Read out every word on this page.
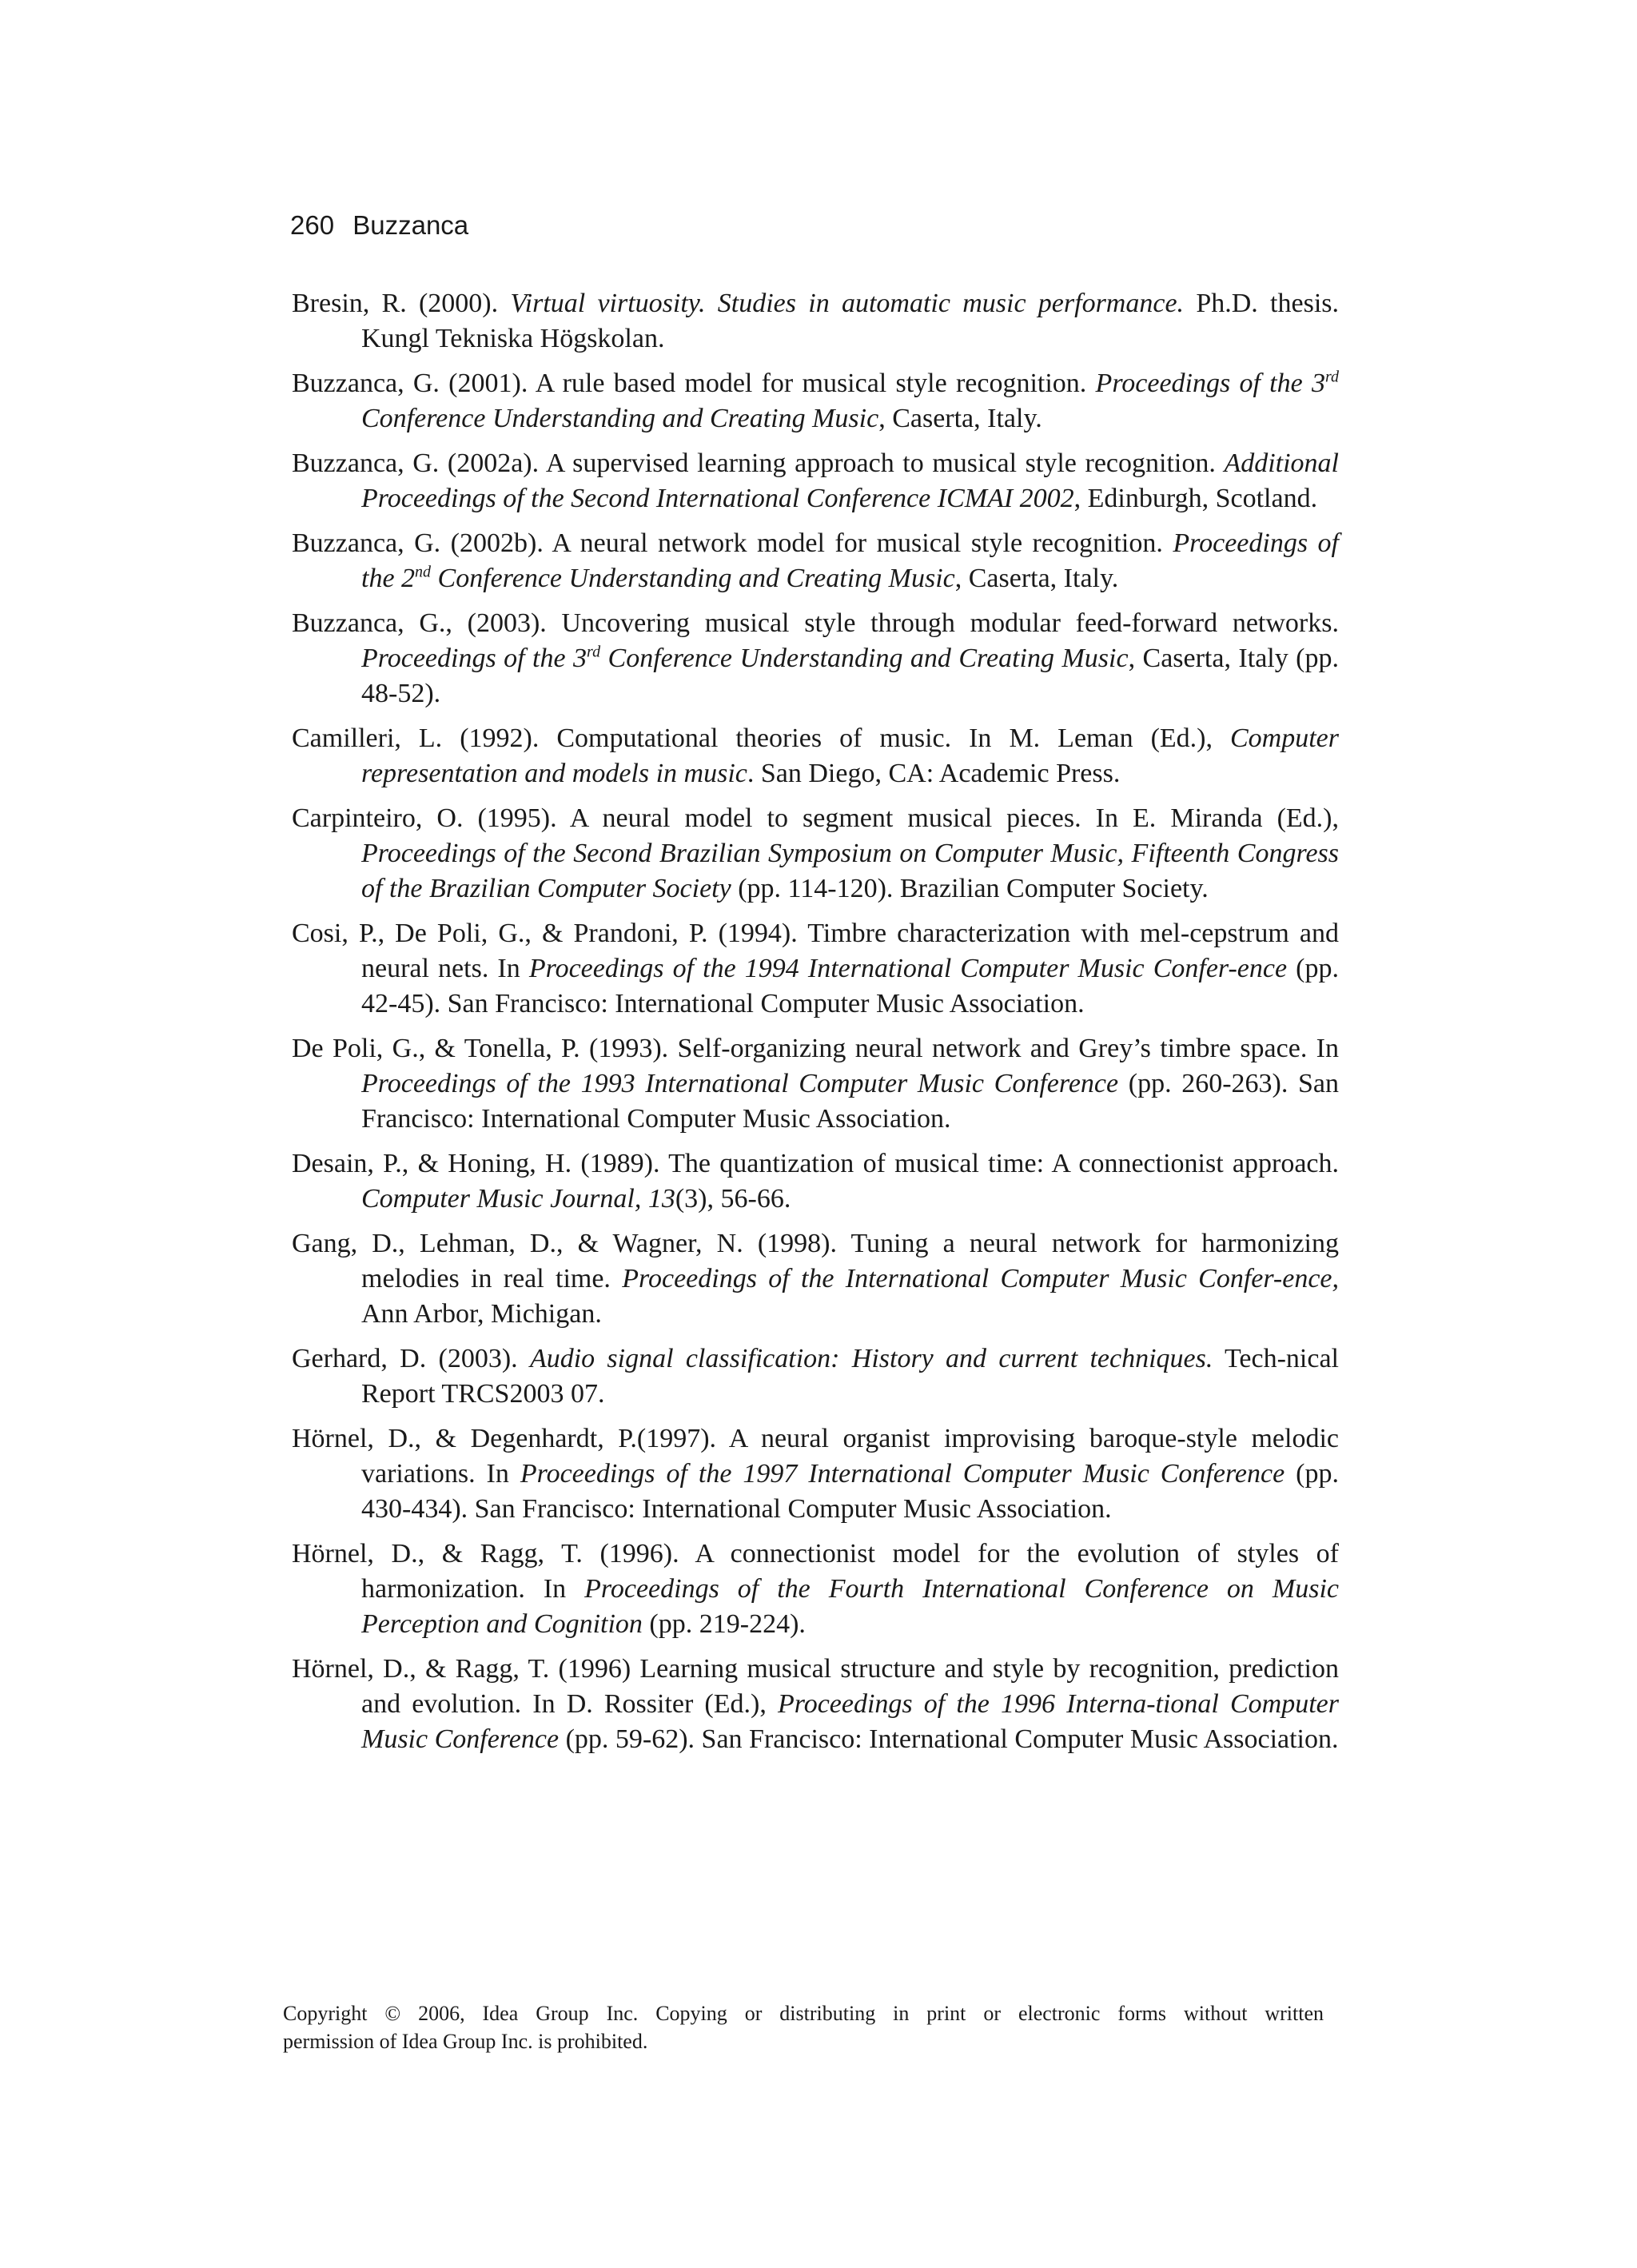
260 Buzzanca
Bresin, R. (2000). Virtual virtuosity. Studies in automatic music performance. Ph.D. thesis. Kungl Tekniska Högskolan.
Buzzanca, G. (2001). A rule based model for musical style recognition. Proceedings of the 3rd Conference Understanding and Creating Music, Caserta, Italy.
Buzzanca, G. (2002a). A supervised learning approach to musical style recognition. Additional Proceedings of the Second International Conference ICMAI 2002, Edinburgh, Scotland.
Buzzanca, G. (2002b). A neural network model for musical style recognition. Proceedings of the 2nd Conference Understanding and Creating Music, Caserta, Italy.
Buzzanca, G., (2003). Uncovering musical style through modular feed-forward networks. Proceedings of the 3rd Conference Understanding and Creating Music, Caserta, Italy (pp. 48-52).
Camilleri, L. (1992). Computational theories of music. In M. Leman (Ed.), Computer representation and models in music. San Diego, CA: Academic Press.
Carpinteiro, O. (1995). A neural model to segment musical pieces. In E. Miranda (Ed.), Proceedings of the Second Brazilian Symposium on Computer Music, Fifteenth Congress of the Brazilian Computer Society (pp. 114-120). Brazilian Computer Society.
Cosi, P., De Poli, G., & Prandoni, P. (1994). Timbre characterization with mel-cepstrum and neural nets. In Proceedings of the 1994 International Computer Music Confer-ence (pp. 42-45). San Francisco: International Computer Music Association.
De Poli, G., & Tonella, P. (1993). Self-organizing neural network and Grey’s timbre space. In Proceedings of the 1993 International Computer Music Conference (pp. 260-263). San Francisco: International Computer Music Association.
Desain, P., & Honing, H. (1989). The quantization of musical time: A connectionist approach. Computer Music Journal, 13(3), 56-66.
Gang, D., Lehman, D., & Wagner, N. (1998). Tuning a neural network for harmonizing melodies in real time. Proceedings of the International Computer Music Confer-ence, Ann Arbor, Michigan.
Gerhard, D. (2003). Audio signal classification: History and current techniques. Tech-nical Report TRCS2003 07.
Hörnel, D., & Degenhardt, P.(1997). A neural organist improvising baroque-style melodic variations. In Proceedings of the 1997 International Computer Music Conference (pp. 430-434). San Francisco: International Computer Music Association.
Hörnel, D., & Ragg, T. (1996). A connectionist model for the evolution of styles of harmonization. In Proceedings of the Fourth International Conference on Music Perception and Cognition (pp. 219-224).
Hörnel, D., & Ragg, T. (1996) Learning musical structure and style by recognition, prediction and evolution. In D. Rossiter (Ed.), Proceedings of the 1996 Interna-tional Computer Music Conference (pp. 59-62). San Francisco: International Computer Music Association.
Copyright © 2006, Idea Group Inc. Copying or distributing in print or electronic forms without written
permission of Idea Group Inc. is prohibited.
